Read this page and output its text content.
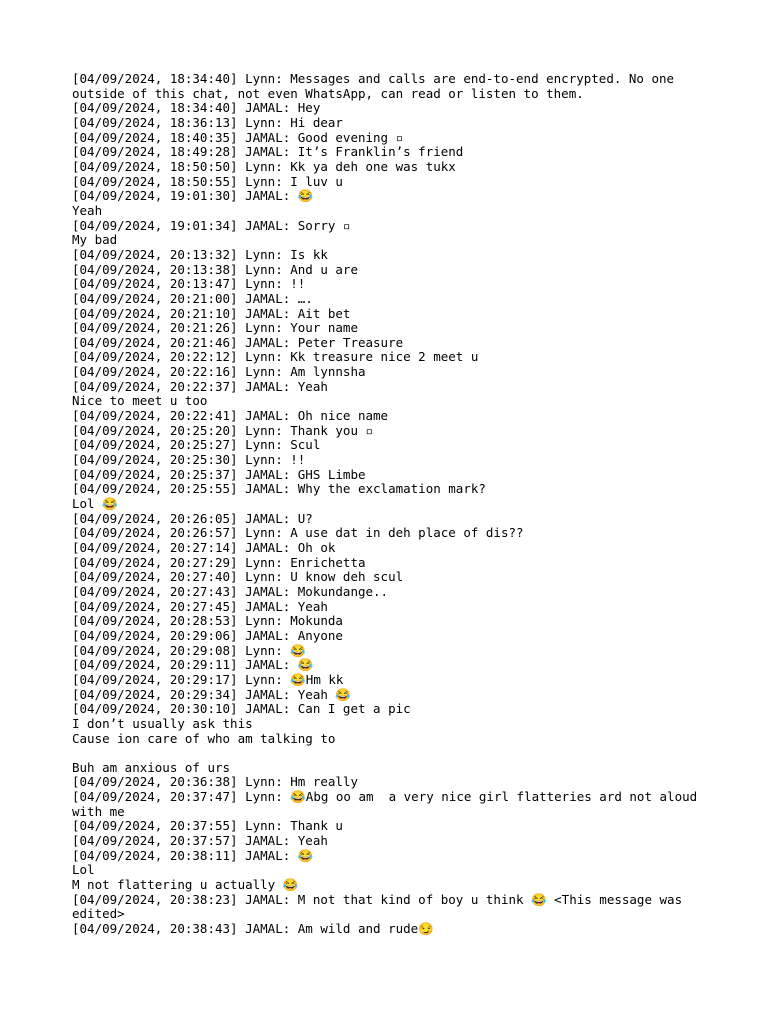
[04/09/2024, 18:34:40] Lynn: Messages and calls are end-to-end encrypted. No one outside of this chat, not even WhatsApp, can read or listen to them.
[04/09/2024, 18:34:40] JAMAL: Hey
[04/09/2024, 18:36:13] Lynn: Hi dear
[04/09/2024, 18:40:35] JAMAL: Good evening ▫
[04/09/2024, 18:49:28] JAMAL: It’s Franklin’s friend
[04/09/2024, 18:50:50] Lynn: Kk ya deh one was tukx
[04/09/2024, 18:50:55] Lynn: I luv u
[04/09/2024, 19:01:30] JAMAL: 😂
Yeah
[04/09/2024, 19:01:34] JAMAL: Sorry ▫
My bad
[04/09/2024, 20:13:32] Lynn: Is kk
[04/09/2024, 20:13:38] Lynn: And u are
[04/09/2024, 20:13:47] Lynn: !!
[04/09/2024, 20:21:00] JAMAL: ….
[04/09/2024, 20:21:10] JAMAL: Ait bet
[04/09/2024, 20:21:26] Lynn: Your name
[04/09/2024, 20:21:46] JAMAL: Peter Treasure
[04/09/2024, 20:22:12] Lynn: Kk treasure nice 2 meet u
[04/09/2024, 20:22:16] Lynn: Am lynnsha
[04/09/2024, 20:22:37] JAMAL: Yeah
Nice to meet u too
[04/09/2024, 20:22:41] JAMAL: Oh nice name
[04/09/2024, 20:25:20] Lynn: Thank you ▫
[04/09/2024, 20:25:27] Lynn: Scul
[04/09/2024, 20:25:30] Lynn: !!
[04/09/2024, 20:25:37] JAMAL: GHS Limbe
[04/09/2024, 20:25:55] JAMAL: Why the exclamation mark?
Lol 😂
[04/09/2024, 20:26:05] JAMAL: U?
[04/09/2024, 20:26:57] Lynn: A use dat in deh place of dis??
[04/09/2024, 20:27:14] JAMAL: Oh ok
[04/09/2024, 20:27:29] Lynn: Enrichetta
[04/09/2024, 20:27:40] Lynn: U know deh scul
[04/09/2024, 20:27:43] JAMAL: Mokundange..
[04/09/2024, 20:27:45] JAMAL: Yeah
[04/09/2024, 20:28:53] Lynn: Mokunda
[04/09/2024, 20:29:06] JAMAL: Anyone
[04/09/2024, 20:29:08] Lynn: 😂
[04/09/2024, 20:29:11] JAMAL: 😂
[04/09/2024, 20:29:17] Lynn: 😂Hm kk
[04/09/2024, 20:29:34] JAMAL: Yeah 😂
[04/09/2024, 20:30:10] JAMAL: Can I get a pic
I don’t usually ask this
Cause ion care of who am talking to
Buh am anxious of urs
[04/09/2024, 20:36:38] Lynn: Hm really
[04/09/2024, 20:37:47] Lynn: 😂Abg oo am  a very nice girl flatteries ard not aloud with me
[04/09/2024, 20:37:55] Lynn: Thank u
[04/09/2024, 20:37:57] JAMAL: Yeah
[04/09/2024, 20:38:11] JAMAL: 😂
Lol
M not flattering u actually 😂
[04/09/2024, 20:38:23] JAMAL: M not that kind of boy u think 😂 <This message was edited>
[04/09/2024, 20:38:43] JAMAL: Am wild and rude😏
